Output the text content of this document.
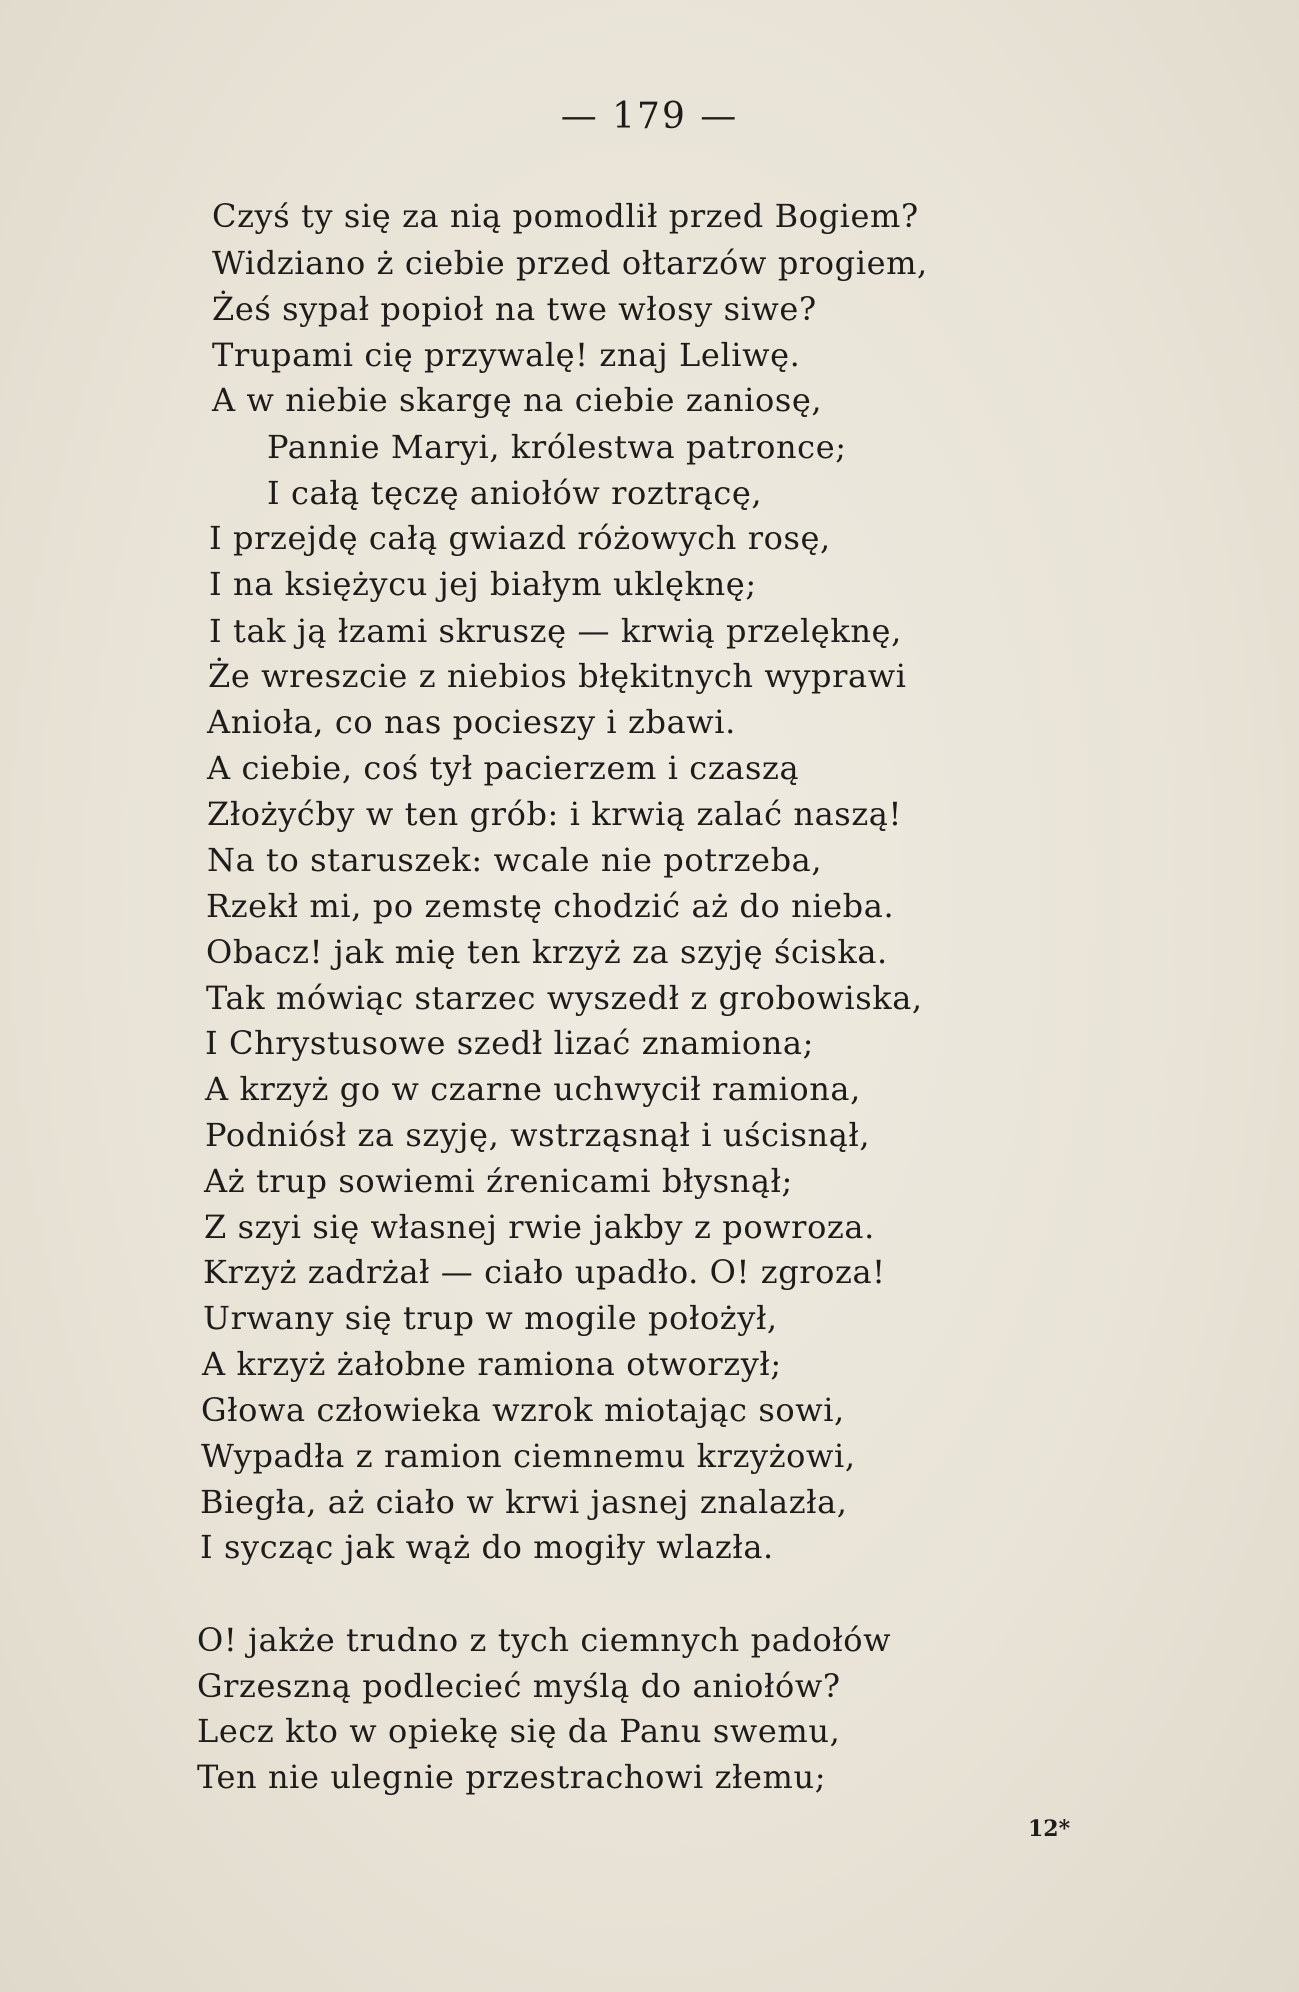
— 179 —
Czyś ty się za nią pomodlił przed Bogiem?
Widziano ż ciebie przed ołtarzów progiem,
Żeś sypał popioł na twe włosy siwe?
Trupami cię przywalę! znaj Leliwę.
A w niebie skargę na ciebie zaniosę,
Pannie Maryi, królestwa patronce;
I całą tęczę aniołów roztrącę,
I przejdę całą gwiazd różowych rosę,
I na księżycu jej białym uklęknę;
I tak ją łzami skruszę — krwią przelęknę,
Że wreszcie z niebios błękitnych wyprawi
Anioła, co nas pocieszy i zbawi.
A ciebie, coś tył pacierzem i czaszą
Złożyćby w ten grób: i krwią zalać naszą!
Na to staruszek: wcale nie potrzeba,
Rzekł mi, po zemstę chodzić aż do nieba.
Obacz! jak mię ten krzyż za szyję ściska.
Tak mówiąc starzec wyszedł z grobowiska,
I Chrystusowe szedł lizać znamiona;
A krzyż go w czarne uchwycił ramiona,
Podniósł za szyję, wstrząsnął i uścisnął,
Aż trup sowiemi źrenicami błysnął;
Z szyi się własnej rwie jakby z powroza.
Krzyż zadrżał — ciało upadło. O! zgroza!
Urwany się trup w mogile położył,
A krzyż żałobne ramiona otworzył;
Głowa człowieka wzrok miotając sowi,
Wypadła z ramion ciemnemu krzyżowi,
Biegła, aż ciało w krwi jasnej znalazła,
I sycząc jak wąż do mogiły wlazła.
O! jakże trudno z tych ciemnych padołów
Grzeszną podlecieć myślą do aniołów?
Lecz kto w opiekę się da Panu swemu,
Ten nie ulegnie przestrachowi złemu;
12*
